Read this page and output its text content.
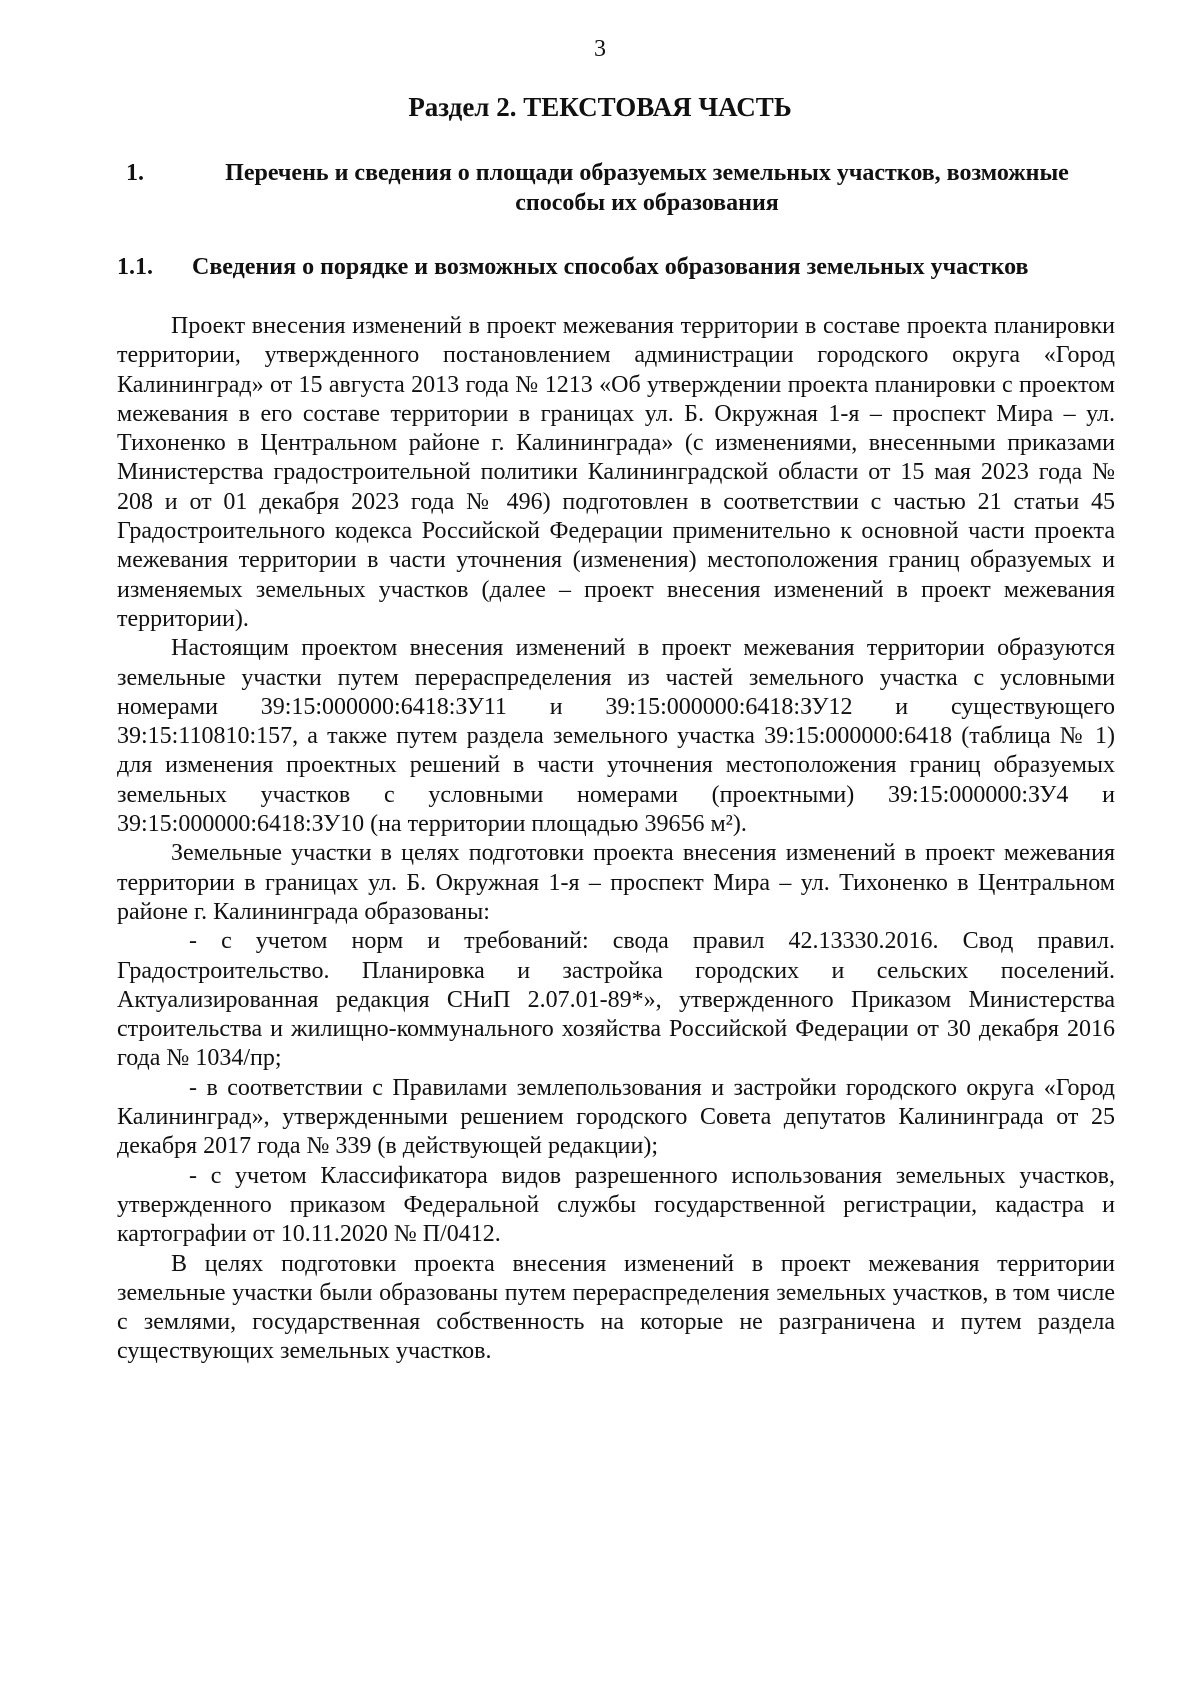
3
Раздел 2. ТЕКСТОВАЯ ЧАСТЬ
1.	Перечень и сведения о площади образуемых земельных участков, возможные способы их образования
1.1. Сведения о порядке и возможных способах образования земельных участков

Проект внесения изменений в проект межевания территории в составе проекта планировки территории, утвержденного постановлением администрации городского округа «Город Калининград» от 15 августа 2013 года № 1213 «Об утверждении проекта планировки с проектом межевания в его составе территории в границах ул. Б. Окружная 1-я – проспект Мира – ул. Тихоненко в Центральном районе г. Калининграда» (с изменениями, внесенными приказами Министерства градостроительной политики Калининградской области от 15 мая 2023 года № 208 и от 01 декабря 2023 года № 496) подготовлен в соответствии с частью 21 статьи 45 Градостроительного кодекса Российской Федерации применительно к основной части проекта межевания территории в части уточнения (изменения) местоположения границ образуемых и изменяемых земельных участков (далее – проект внесения изменений в проект межевания территории).

Настоящим проектом внесения изменений в проект межевания территории образуются земельные участки путем перераспределения из частей земельного участка с условными номерами 39:15:000000:6418:ЗУ11 и 39:15:000000:6418:ЗУ12 и существующего 39:15:110810:157, а также путем раздела земельного участка 39:15:000000:6418 (таблица № 1) для изменения проектных решений в части уточнения местоположения границ образуемых земельных участков с условными номерами (проектными) 39:15:000000:ЗУ4 и 39:15:000000:6418:ЗУ10 (на территории площадью 39656 м²).

Земельные участки в целях подготовки проекта внесения изменений в проект межевания территории в границах ул. Б. Окружная 1-я – проспект Мира – ул. Тихоненко в Центральном районе г. Калининграда образованы:

- с учетом норм и требований: свода правил 42.13330.2016. Свод правил. Градостроительство. Планировка и застройка городских и сельских поселений. Актуализированная редакция СНиП 2.07.01-89*», утвержденного Приказом Министерства строительства и жилищно-коммунального хозяйства Российской Федерации от 30 декабря 2016 года № 1034/пр;

- в соответствии с Правилами землепользования и застройки городского округа «Город Калининград», утвержденными решением городского Совета депутатов Калининграда от 25 декабря 2017 года № 339 (в действующей редакции);

- с учетом Классификатора видов разрешенного использования земельных участков, утвержденного приказом Федеральной службы государственной регистрации, кадастра и картографии от 10.11.2020 № П/0412.

В целях подготовки проекта внесения изменений в проект межевания территории земельные участки были образованы путем перераспределения земельных участков, в том числе с землями, государственная собственность на которые не разграничена и путем раздела существующих земельных участков.
